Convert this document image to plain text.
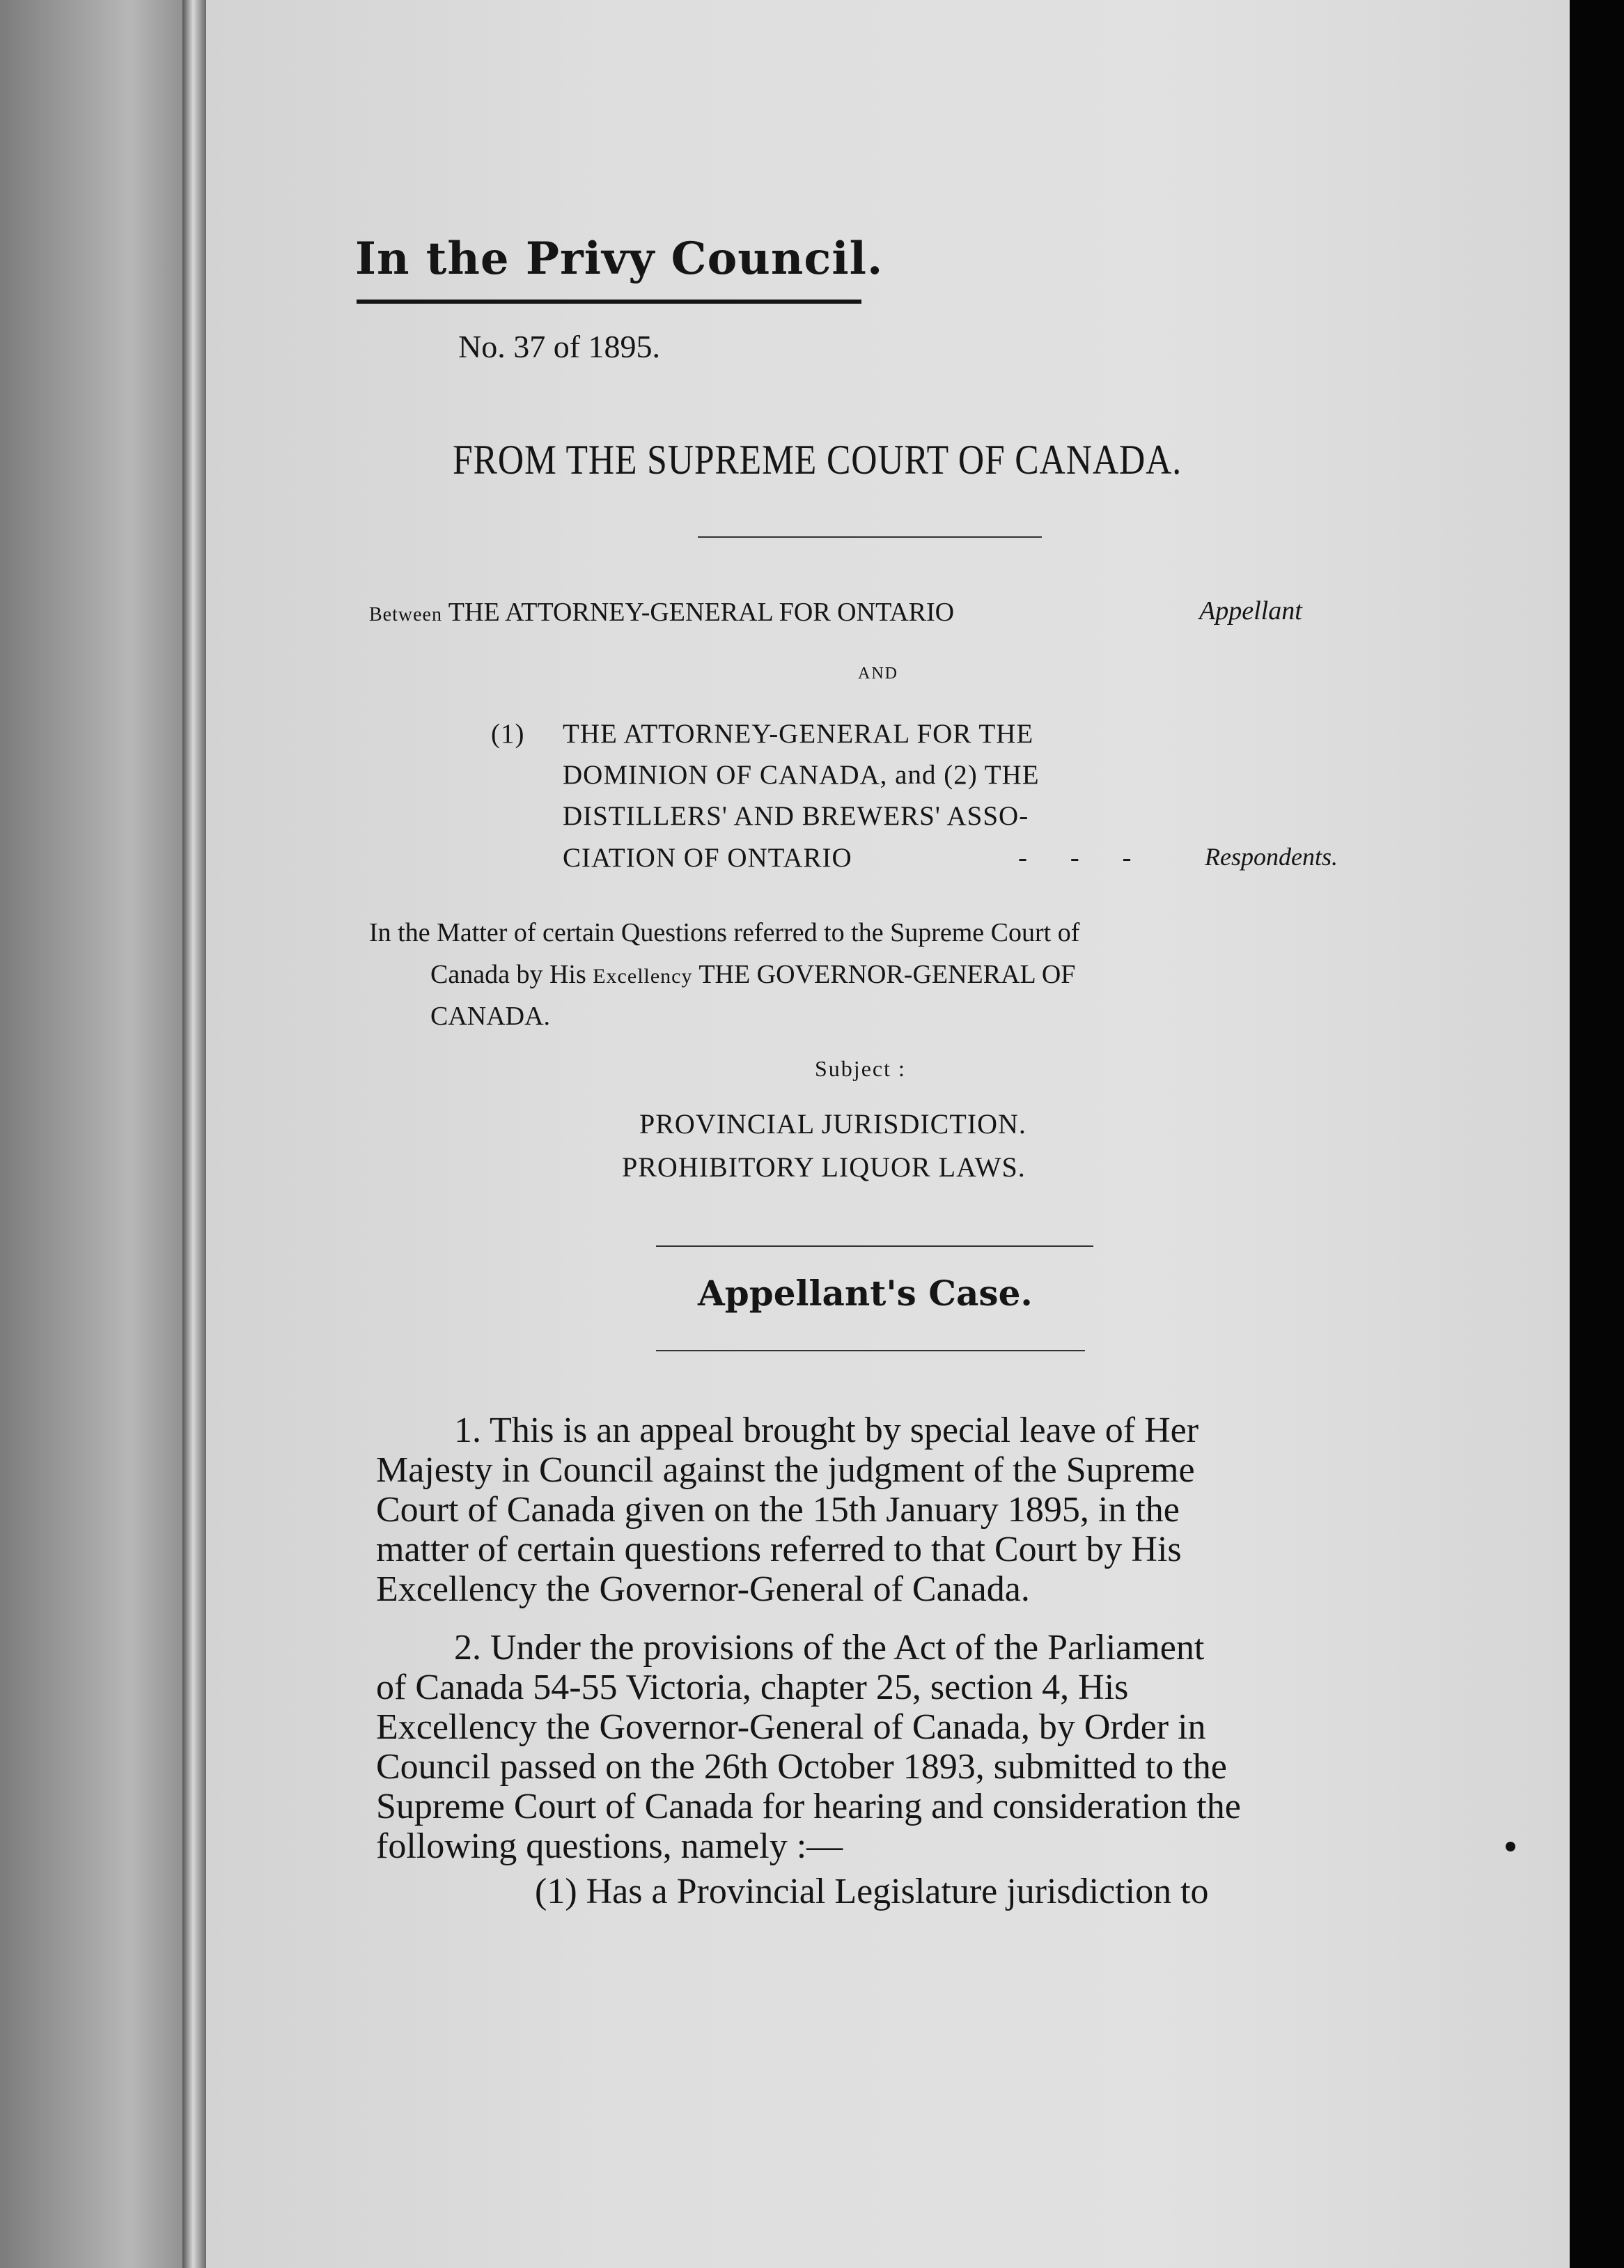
In the Privy Council.
No. 37 of 1895.
FROM THE SUPREME COURT OF CANADA.
Between THE ATTORNEY-GENERAL FOR ONTARIO	Appellant
AND
(1) THE ATTORNEY-GENERAL FOR THE
DOMINION OF CANADA, and (2) THE
DISTILLERS' AND BREWERS' ASSO-
CIATION OF ONTARIO	- - -	Respondents.
In the Matter of certain Questions referred to the Supreme Court of
Canada by His Excellency THE GOVERNOR-GENERAL OF
CANADA.
Subject :
PROVINCIAL JURISDICTION.
PROHIBITORY LIQUOR LAWS.
Appellant's Case.
1. This is an appeal brought by special leave of Her
Majesty in Council against the judgment of the Supreme
Court of Canada given on the 15th January 1895, in the
matter of certain questions referred to that Court by His
Excellency the Governor-General of Canada.
2. Under the provisions of the Act of the Parliament
of Canada 54-55 Victoria, chapter 25, section 4, His
Excellency the Governor-General of Canada, by Order in
Council passed on the 26th October 1893, submitted to the
Supreme Court of Canada for hearing and consideration the
following questions, namely :—
(1) Has a Provincial Legislature jurisdiction to
